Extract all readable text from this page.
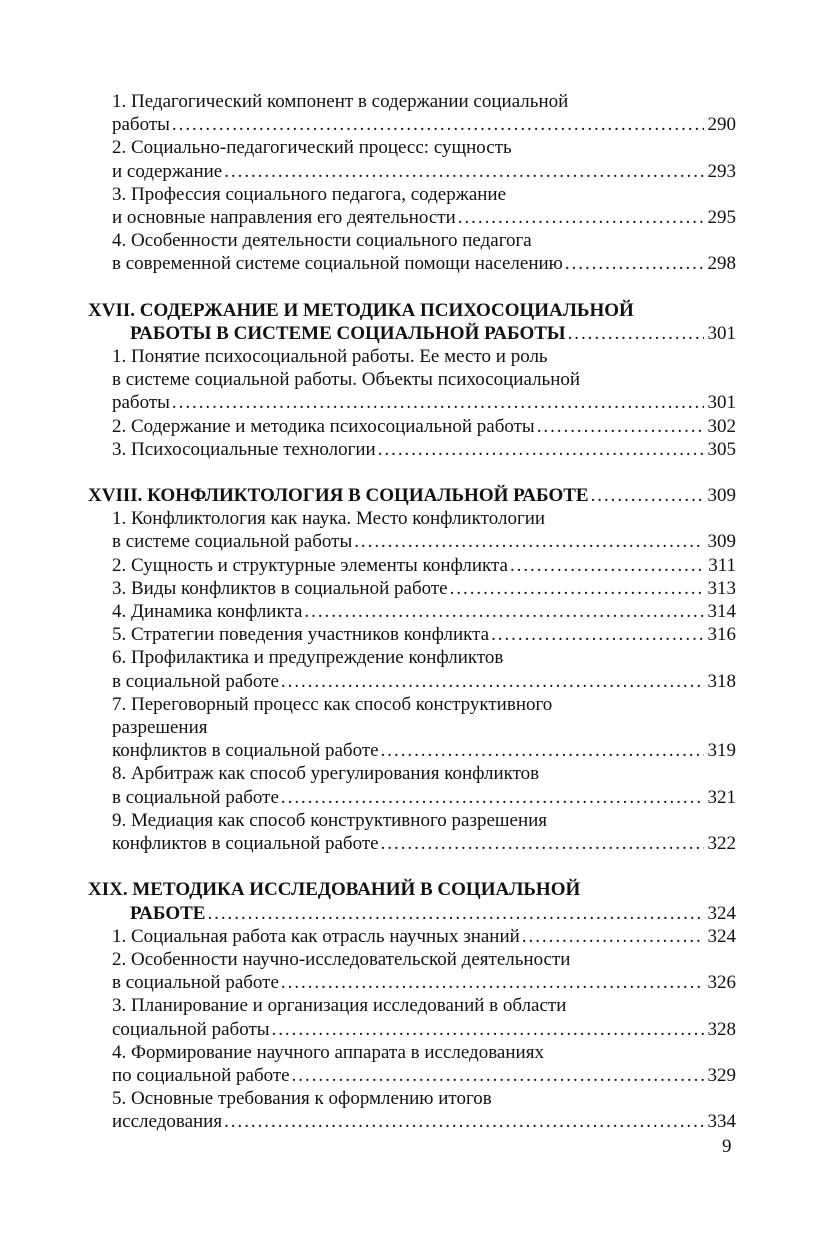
1. Педагогический компонент в содержании социальной
работы . . .	290
2. Социально-педагогический процесс: сущность
и содержание . . .	293
3. Профессия социального педагога, содержание
и основные направления его деятельности . . .	295
4. Особенности деятельности социального педагога
в современной системе социальной помощи населению . . .	298
XVII. СОДЕРЖАНИЕ И МЕТОДИКА ПСИХОСОЦИАЛЬНОЙ
РАБОТЫ В СИСТЕМЕ СОЦИАЛЬНОЙ РАБОТЫ . . .	301
1. Понятие психосоциальной работы. Ее место и роль
в системе социальной работы. Объекты психосоциальной
работы . . .	301
2. Содержание и методика психосоциальной работы . . .	302
3. Психосоциальные технологии . . .	305
XVIII. КОНФЛИКТОЛОГИЯ В СОЦИАЛЬНОЙ РАБОТЕ . . .	309
1. Конфликтология как наука. Место конфликтологии
в системе социальной работы . . .	309
2. Сущность и структурные элементы конфликта . . .	311
3. Виды конфликтов в социальной работе . . .	313
4. Динамика конфликта . . .	314
5. Стратегии поведения участников конфликта . . .	316
6. Профилактика и предупреждение конфликтов
в социальной работе . . .	318
7. Переговорный процесс как способ конструктивного
разрешения
конфликтов в социальной работе . . .	319
8. Арбитраж как способ урегулирования конфликтов
в социальной работе . . .	321
9. Медиация как способ конструктивного разрешения
конфликтов в социальной работе . . .	322
XIX. МЕТОДИКА ИССЛЕДОВАНИЙ В СОЦИАЛЬНОЙ
РАБОТЕ . . .	324
1. Социальная работа как отрасль научных знаний . . .	324
2. Особенности научно-исследовательской деятельности
в социальной работе . . .	326
3. Планирование и организация исследований в области
социальной работы . . .	328
4. Формирование научного аппарата в исследованиях
по социальной работе . . .	329
5. Основные требования к оформлению итогов
исследования . . .	334
9
